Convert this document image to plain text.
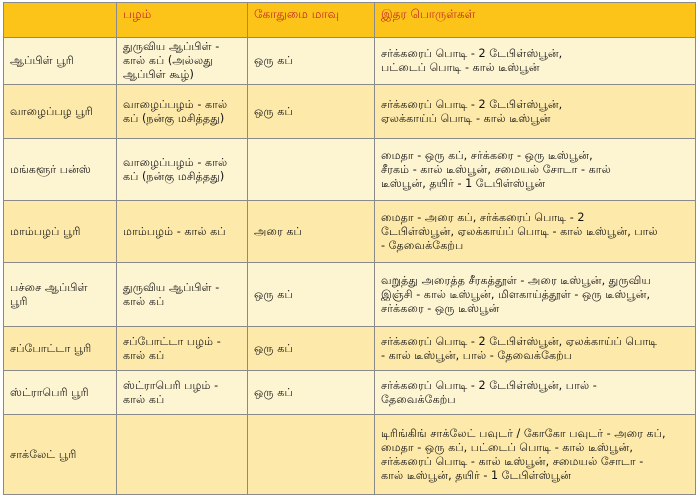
	பழம்	கோதுமை மாவு	இதர பொருள்கள்

ஆப்பிள் பூரி	துருவிய ஆப்பிள் -
கால் கப் (அல்லது
ஆப்பிள் கூழ்)	ஒரு கப்	சர்க்கரைப் பொடி - 2 டேபிள்ஸ்பூன்,
பட்டைப் பொடி - கால் டீஸ்பூன்

வாழைப்பழ பூரி	வாழைப்பழம் - கால்
கப் (நன்கு மசித்தது)	ஒரு கப்	சர்க்கரைப் பொடி - 2 டேபிள்ஸ்பூன்,
ஏலக்காய்ப் பொடி - கால் டீஸ்பூன்

மங்களூர் பன்ஸ்	வாழைப்பழம் - கால்
கப் (நன்கு மசித்தது)		மைதா - ஒரு கப், சர்க்கரை - ஒரு டீஸ்பூன்,
சீரகம் - கால் டீஸ்பூன், சமையல் சோடா - கால்
டீஸ்பூன், தயிர் - 1 டேபிள்ஸ்பூன்

மாம்பழப் பூரி	மாம்பழம் - கால் கப்	அரை கப்	மைதா - அரை கப், சர்க்கரைப் பொடி - 2
டேபிள்ஸ்பூன், ஏலக்காய்ப் பொடி - கால் டீஸ்பூன், பால்
- தேவைக்கேற்ப

பச்சை ஆப்பிள்
பூரி	துருவிய ஆப்பிள் -
கால் கப்	ஒரு கப்	வறுத்து அரைத்த சீரகத்தூள் - அரை டீஸ்பூன், துருவிய
இஞ்சி - கால் டீஸ்பூன், மிளகாய்த்தூள் - ஒரு டீஸ்பூன்,
சர்க்கரை - ஒரு டீஸ்பூன்

சப்போட்டா பூரி	சப்போட்டா பழம் -
கால் கப்	ஒரு கப்	சர்க்கரைப் பொடி - 2 டேபிள்ஸ்பூன், ஏலக்காய்ப் பொடி
- கால் டீஸ்பூன், பால் - தேவைக்கேற்ப

ஸ்ட்ராபெரி பூரி	ஸ்ட்ராபெரி பழம் -
கால் கப்	ஒரு கப்	சர்க்கரைப் பொடி - 2 டேபிள்ஸ்பூன், பால் -
தேவைக்கேற்ப

சாக்லேட் பூரி			டிரிங்கிங் சாக்லேட் பவுடர் / கோகோ பவுடர் - அரை கப்,
மைதா - ஒரு கப், பட்டைப் பொடி - கால் டீஸ்பூன்,
சர்க்கரைப் பொடி - கால் டீஸ்பூன், சமையல் சோடா -
கால் டீஸ்பூன், தயிர் - 1 டேபிள்ஸ்பூன்
